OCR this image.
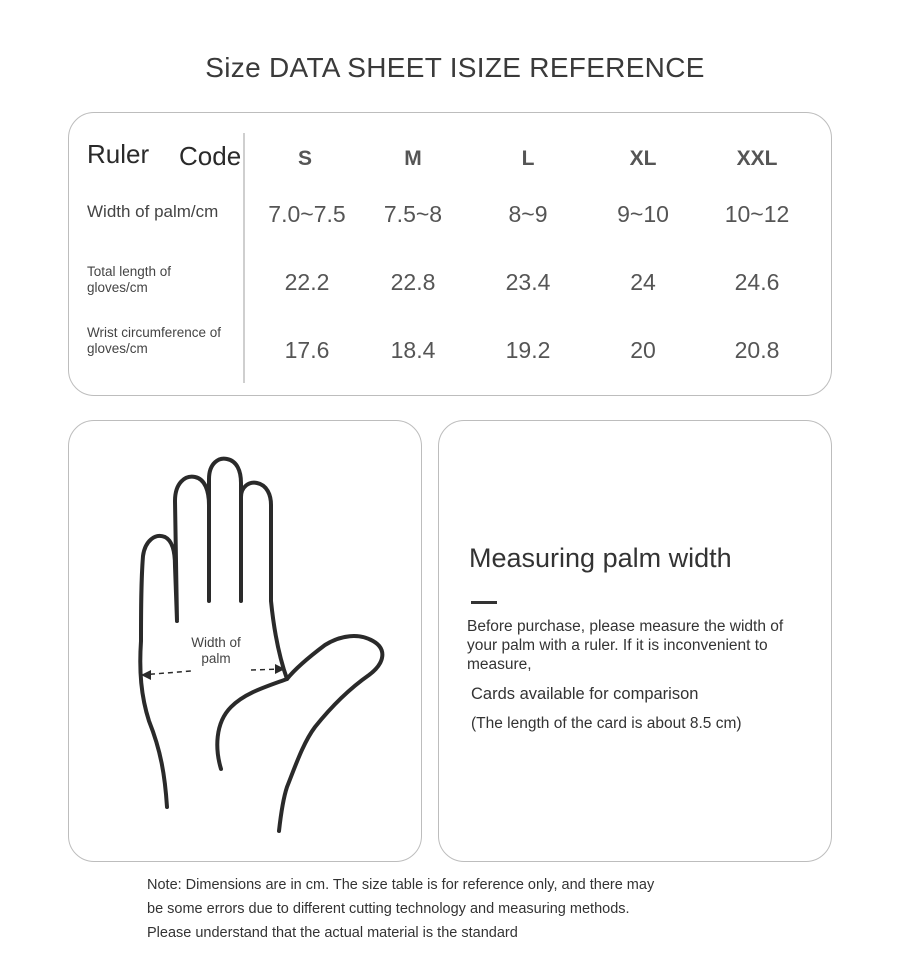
Size DATA SHEET ISIZE REFERENCE
Ruler Code	S	M	L	XL	XXL
Width of palm/cm	7.0~7.5	7.5~8	8~9	9~10	10~12
Total length of gloves/cm	22.2	22.8	23.4	24	24.6
Wrist circumference of gloves/cm	17.6	18.4	19.2	20	20.8
Width of palm
Measuring palm width
Before purchase, please measure the width of your palm with a ruler. If it is inconvenient to measure,
Cards available for comparison
(The length of the card is about 8.5 cm)
Note: Dimensions are in cm. The size table is for reference only, and there may
be some errors due to different cutting technology and measuring methods.
Please understand that the actual material is the standard
